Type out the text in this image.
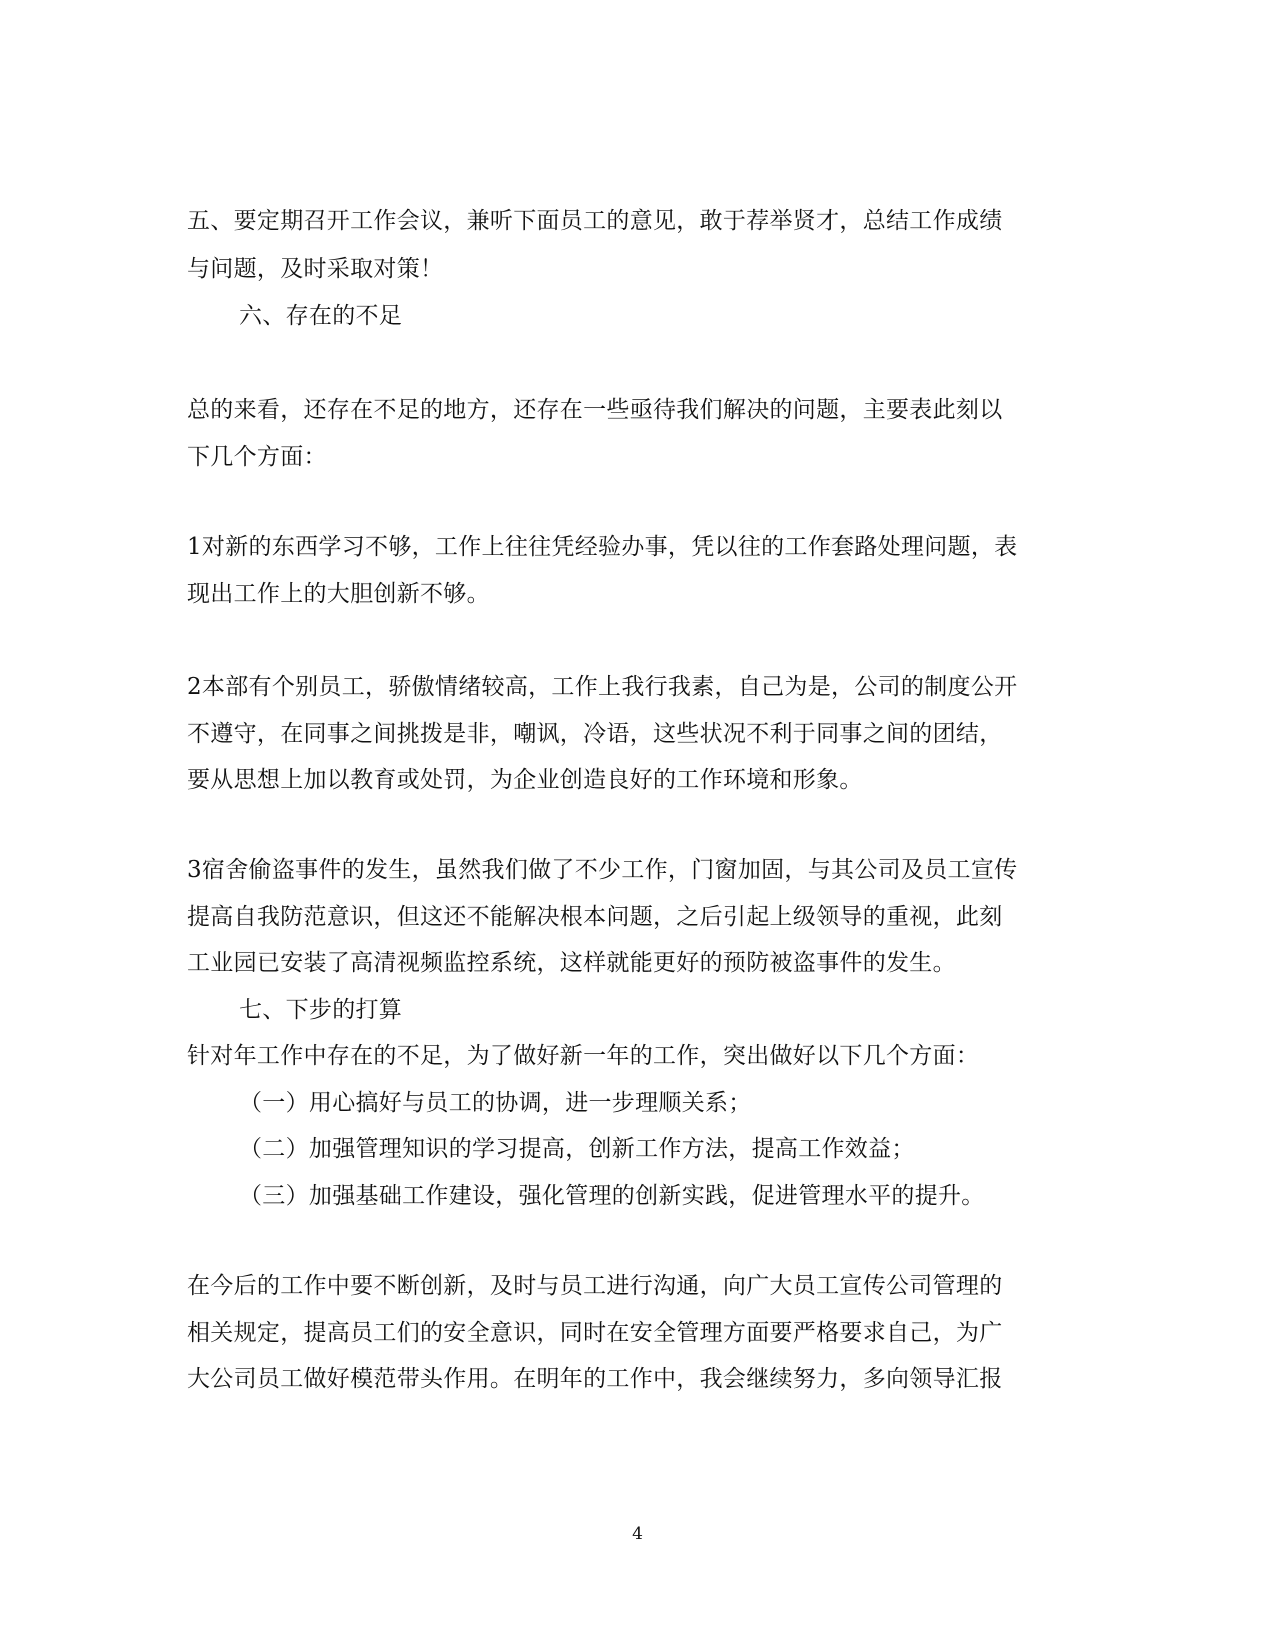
五、要定期召开工作会议，兼听下面员工的意见，敢于荐举贤才，总结工作成绩

与问题，及时采取对策！

六、存在的不足

总的来看，还存在不足的地方，还存在一些亟待我们解决的问题，主要表此刻以

下几个方面：

1对新的东西学习不够，工作上往往凭经验办事，凭以往的工作套路处理问题，表

现出工作上的大胆创新不够。

2本部有个别员工，骄傲情绪较高，工作上我行我素，自己为是，公司的制度公开

不遵守，在同事之间挑拨是非，嘲讽，冷语，这些状况不利于同事之间的团结，

要从思想上加以教育或处罚，为企业创造良好的工作环境和形象。

3宿舍偷盗事件的发生，虽然我们做了不少工作，门窗加固，与其公司及员工宣传

提高自我防范意识，但这还不能解决根本问题，之后引起上级领导的重视，此刻

工业园已安装了高清视频监控系统，这样就能更好的预防被盗事件的发生。

七、下步的打算

针对年工作中存在的不足，为了做好新一年的工作，突出做好以下几个方面：

（一）用心搞好与员工的协调，进一步理顺关系；

（二）加强管理知识的学习提高，创新工作方法，提高工作效益；

（三）加强基础工作建设，强化管理的创新实践，促进管理水平的提升。

在今后的工作中要不断创新，及时与员工进行沟通，向广大员工宣传公司管理的

相关规定，提高员工们的安全意识，同时在安全管理方面要严格要求自己，为广

大公司员工做好模范带头作用。在明年的工作中，我会继续努力，多向领导汇报

4
